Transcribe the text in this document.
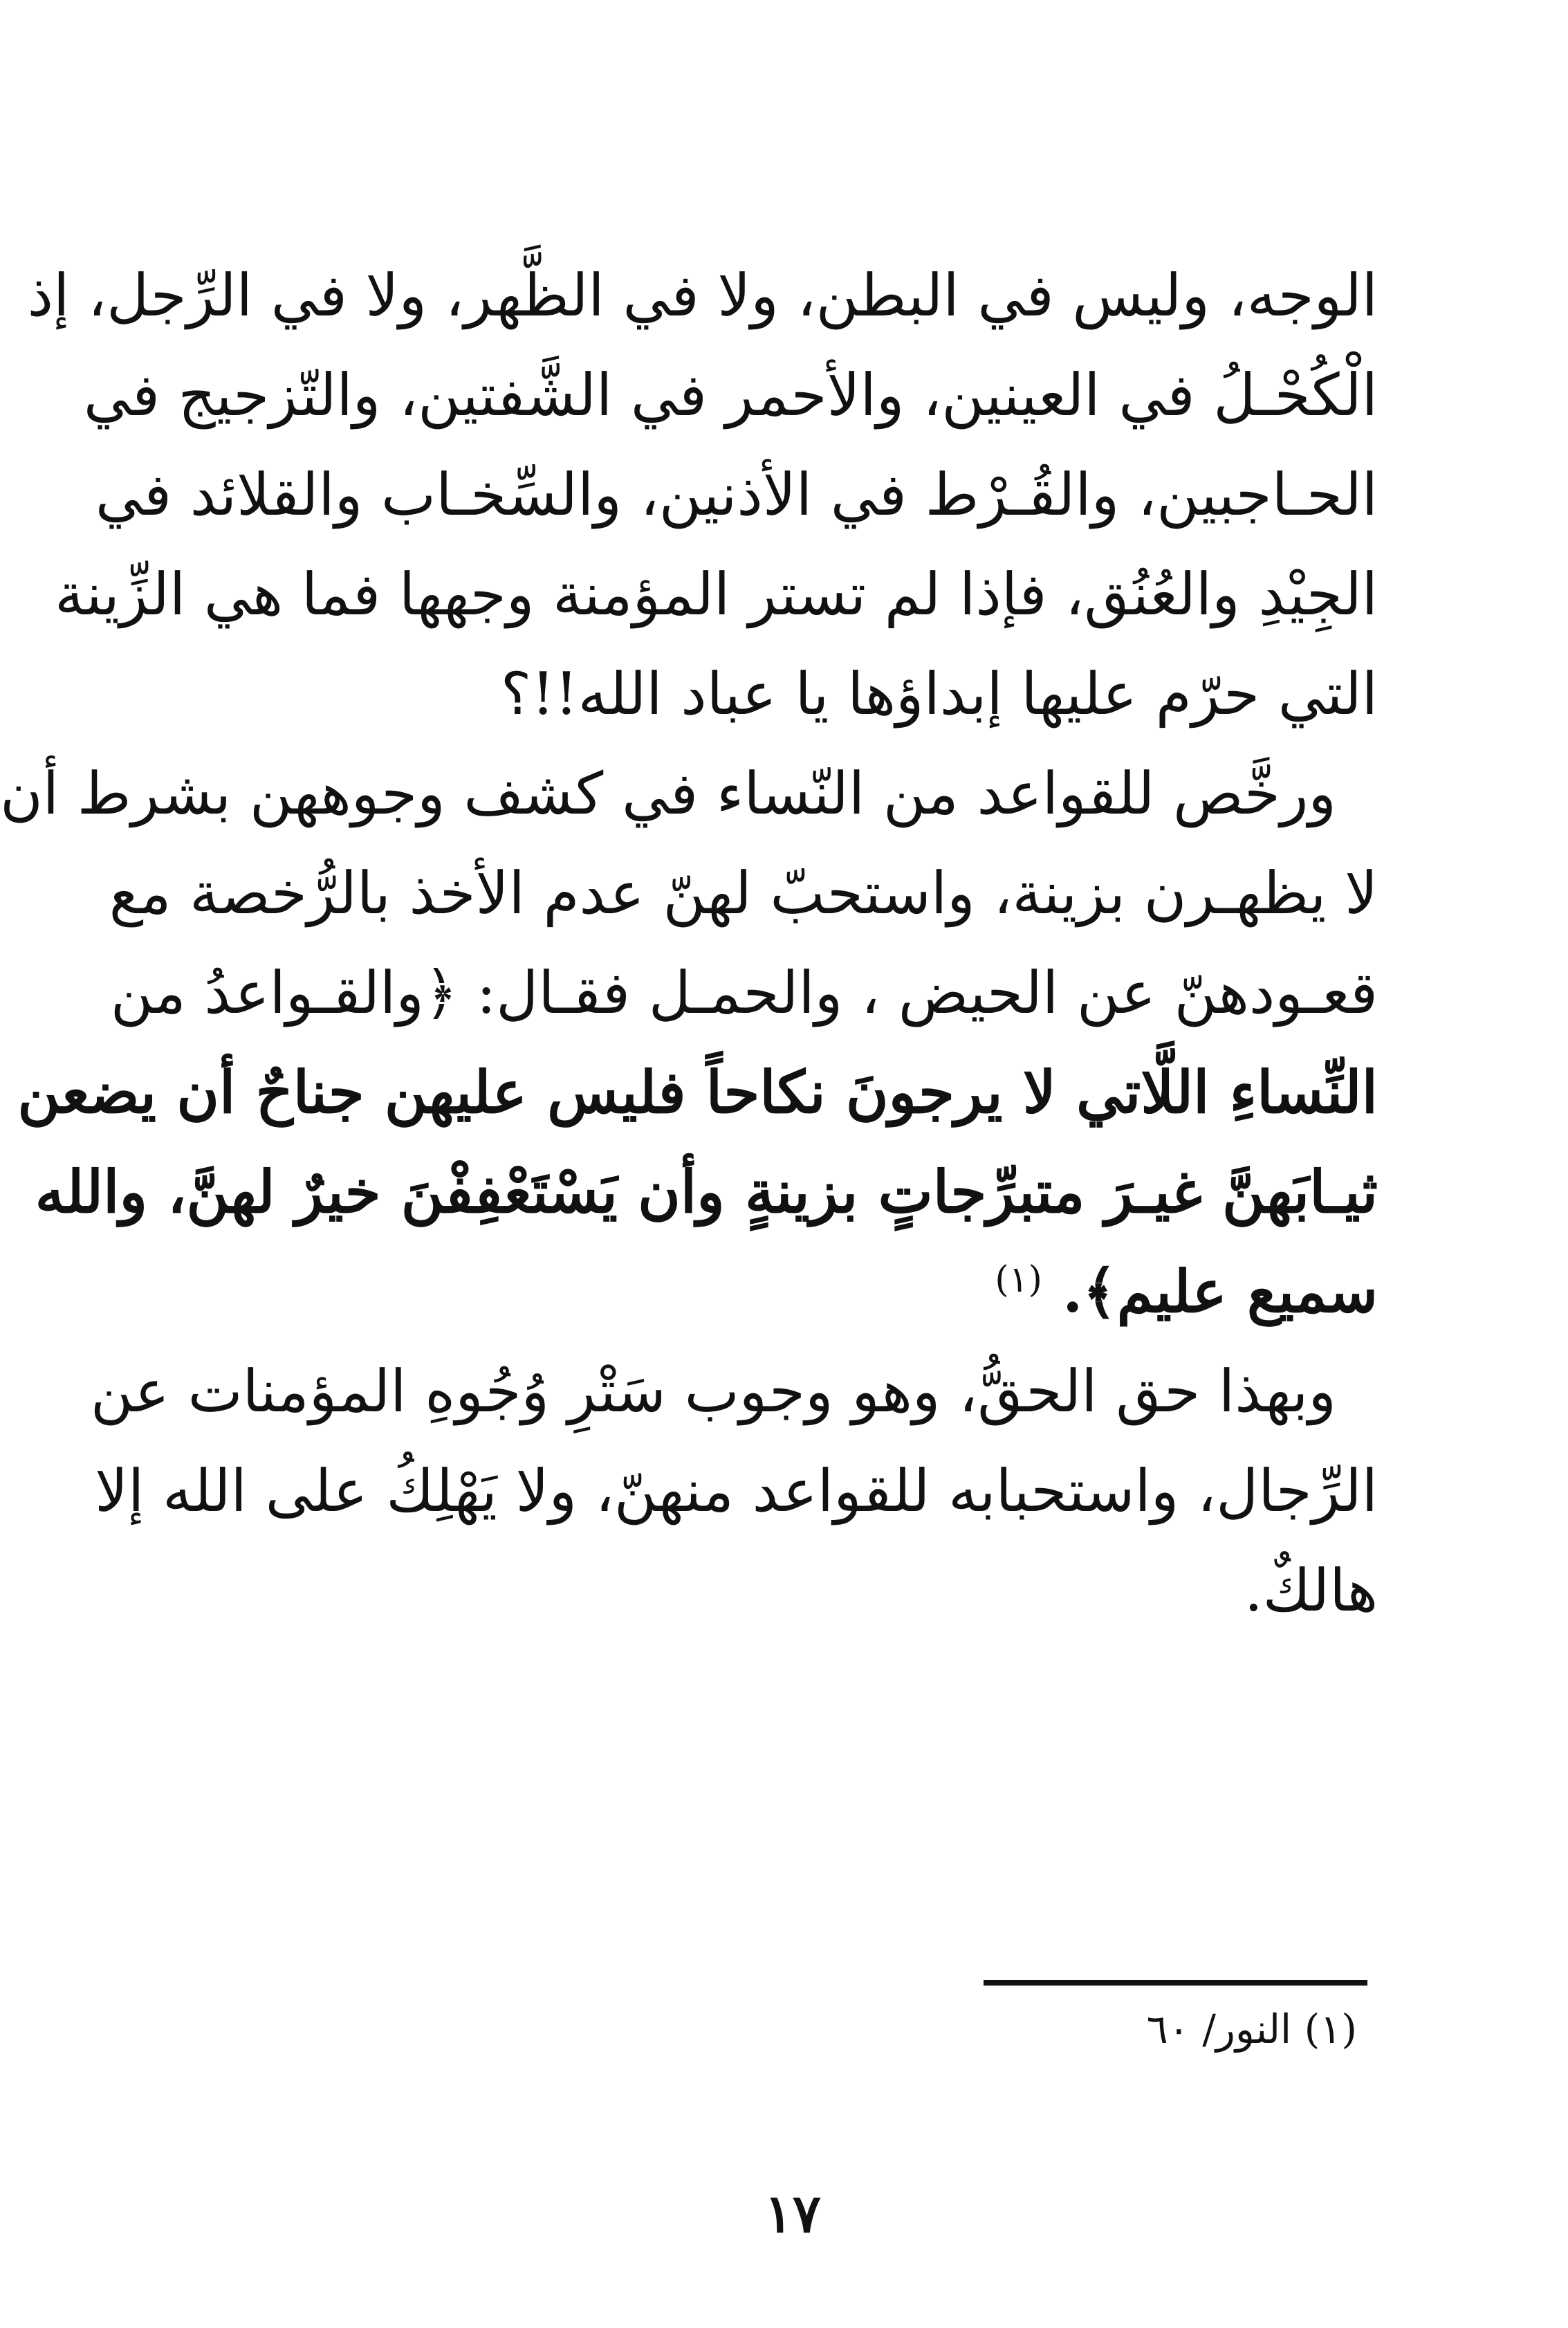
الوجه، وليس في البطن، ولا في الظَّهر، ولا في الرِّجل، إذ
الْكُحْـلُ في العينين، والأحمر في الشَّفتين، والتّزجيج في
الحـاجبين، والقُـرْط في الأذنين، والسِّخـاب والقلائد في
الجِيْدِ والعُنُق، فإذا لم تستر المؤمنة وجهها فما هي الزِّينة
التي حرّم عليها إبداؤها يا عباد الله!!؟
ورخَّص للقواعد من النّساء في كشف وجوههن بشرط أن
لا يظهـرن بزينة، واستحبّ لهنّ عدم الأخذ بالرُّخصة مع
قعـودهنّ عن الحيض ، والحمـل فقـال: ﴿والقـواعدُ من
النِّساءِ اللَّاتي لا يرجونَ نكاحاً فليس عليهن جناحٌ أن يضعن
ثيـابَهنَّ غيـرَ متبرِّجاتٍ بزينةٍ وأن يَسْتَعْفِفْنَ خيرٌ لهنَّ، والله
سميع عليم﴾. $^{(١)}$
وبهذا حق الحقُّ، وهو وجوب سَتْرِ وُجُوهِ المؤمنات عن
الرِّجال، واستحبابه للقواعد منهنّ، ولا يَهْلِكُ على الله إلا
هالكٌ.
(١) النور/ ٦٠
١٧
